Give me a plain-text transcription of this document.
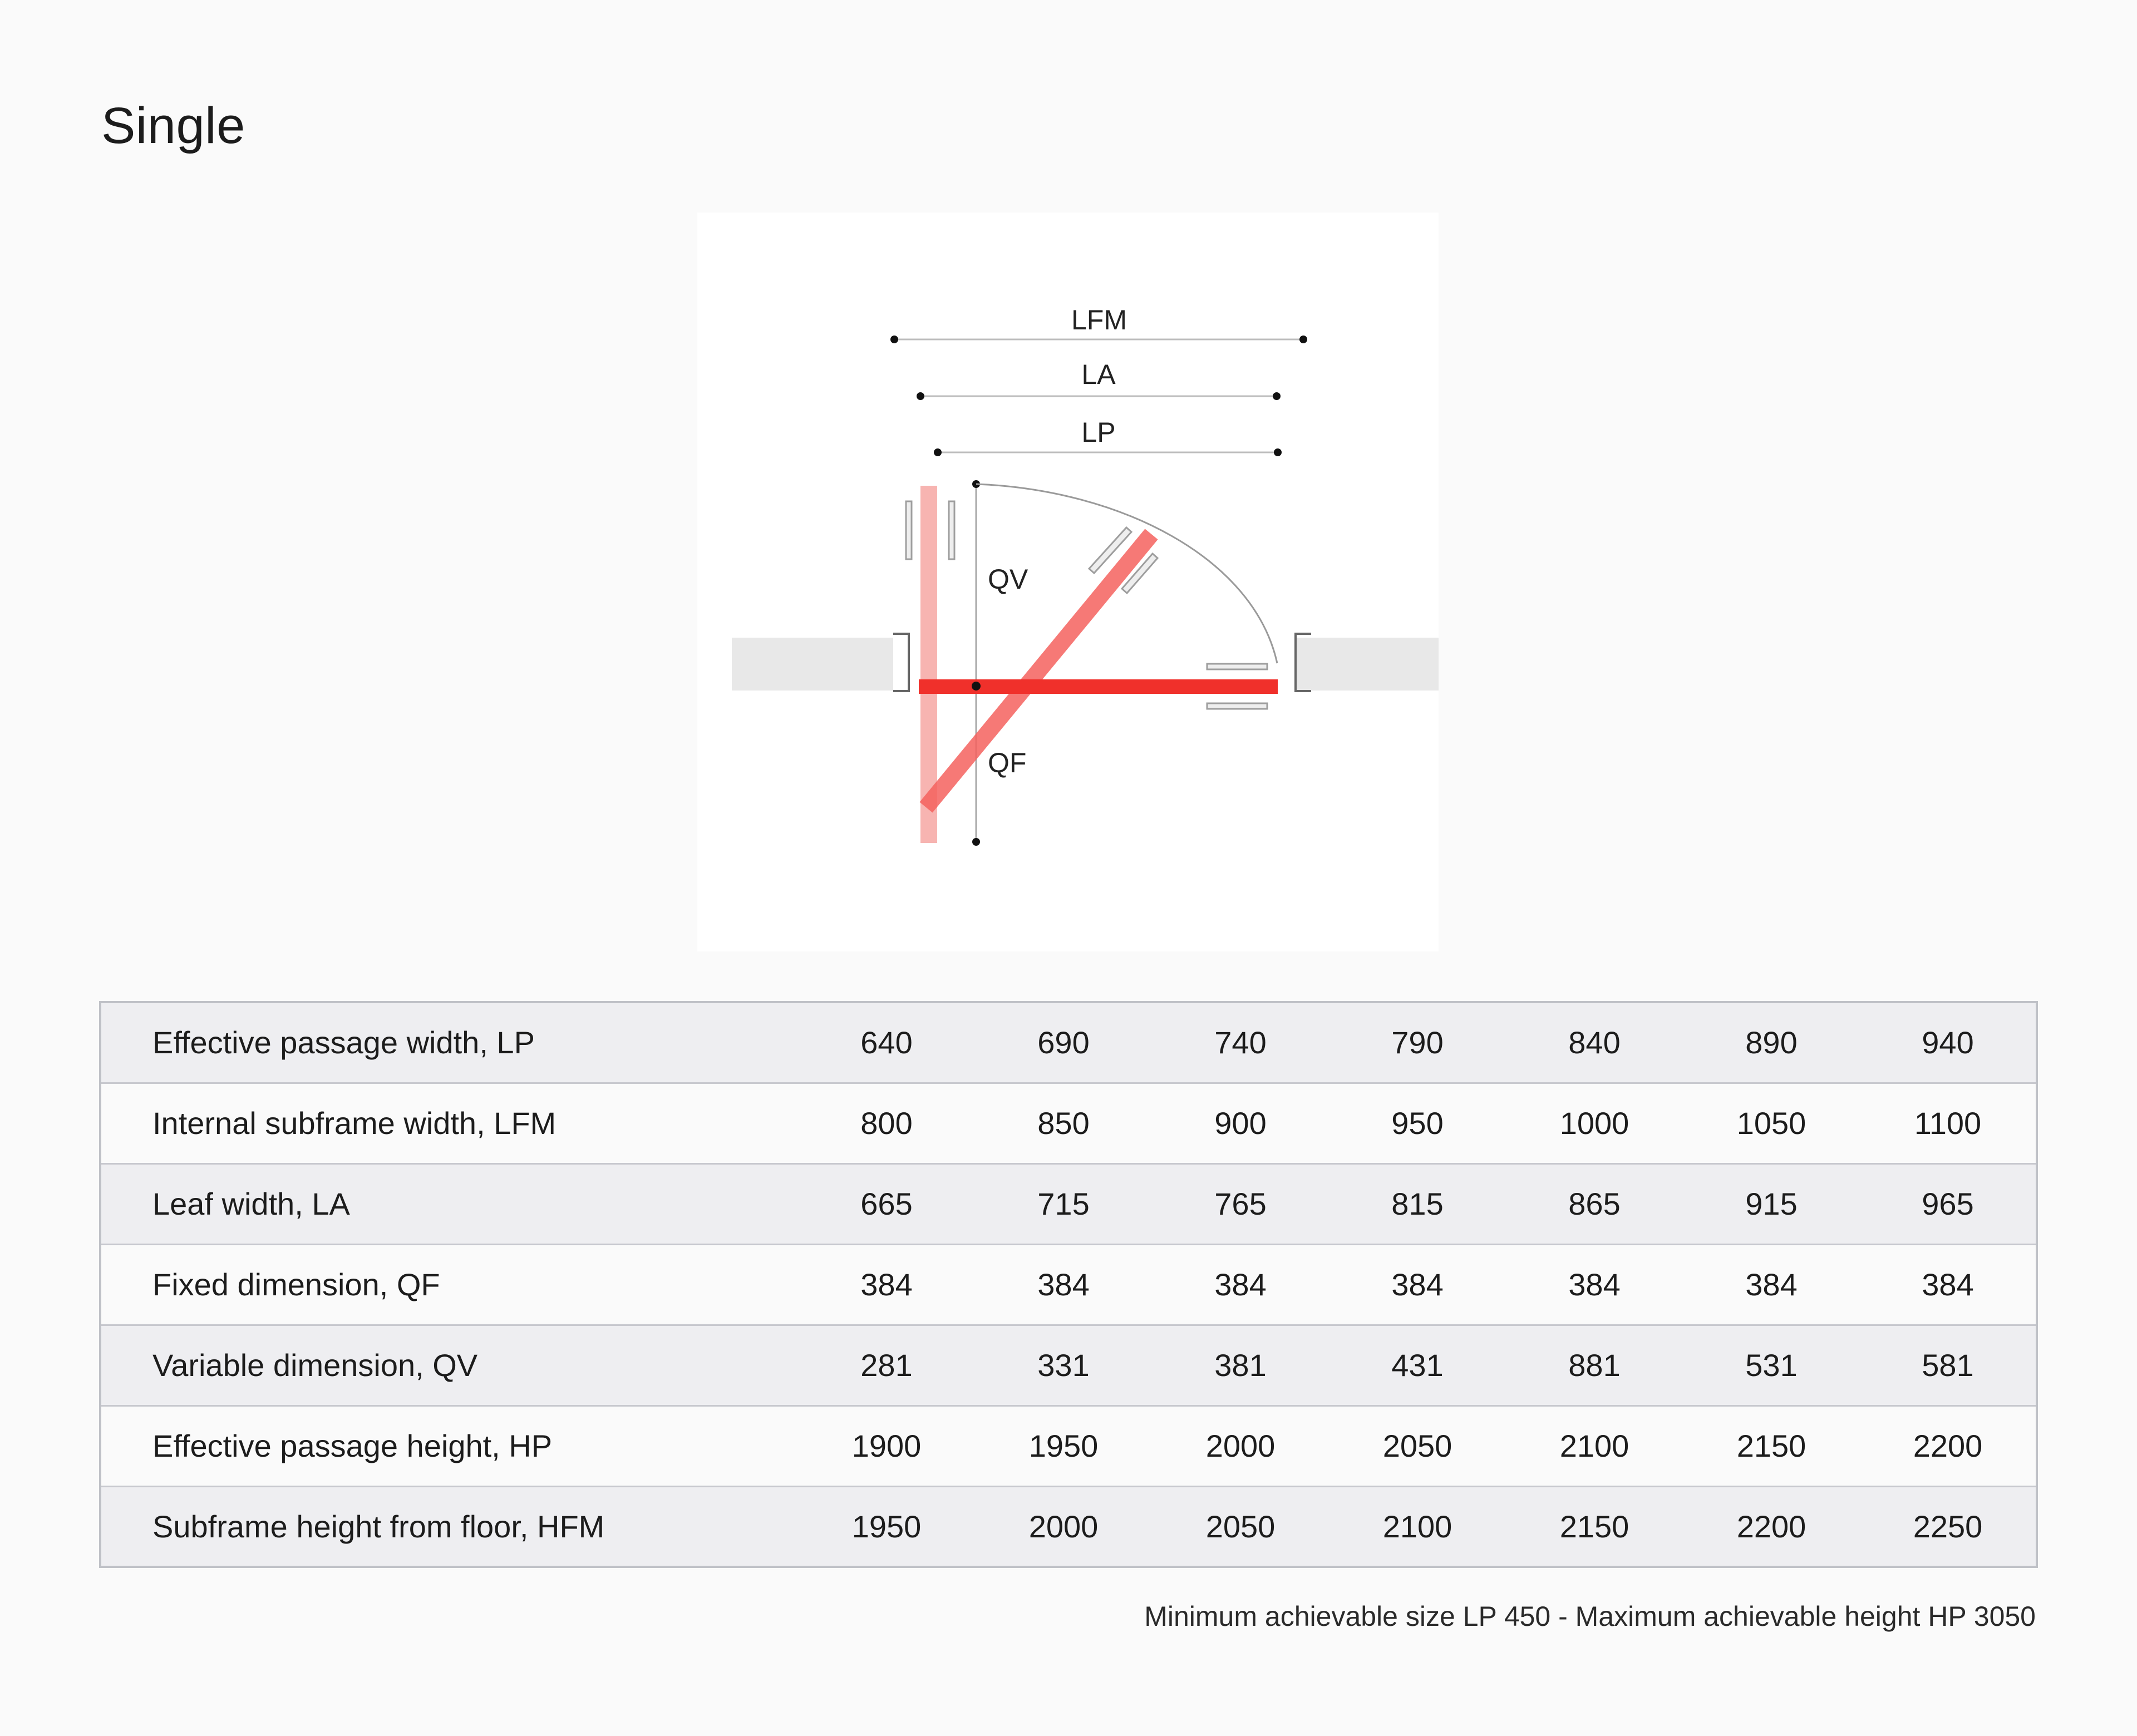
Single
LFM
LA
LP
QV
QF
Effective passage width, LP	640	690	740	790	840	890	940
Internal subframe width, LFM	800	850	900	950	1000	1050	1100
Leaf width, LA	665	715	765	815	865	915	965
Fixed dimension, QF	384	384	384	384	384	384	384
Variable dimension, QV	281	331	381	431	881	531	581
Effective passage height, HP	1900	1950	2000	2050	2100	2150	2200
Subframe height from floor, HFM	1950	2000	2050	2100	2150	2200	2250

Minimum achievable size LP 450 - Maximum achievable height HP 3050
